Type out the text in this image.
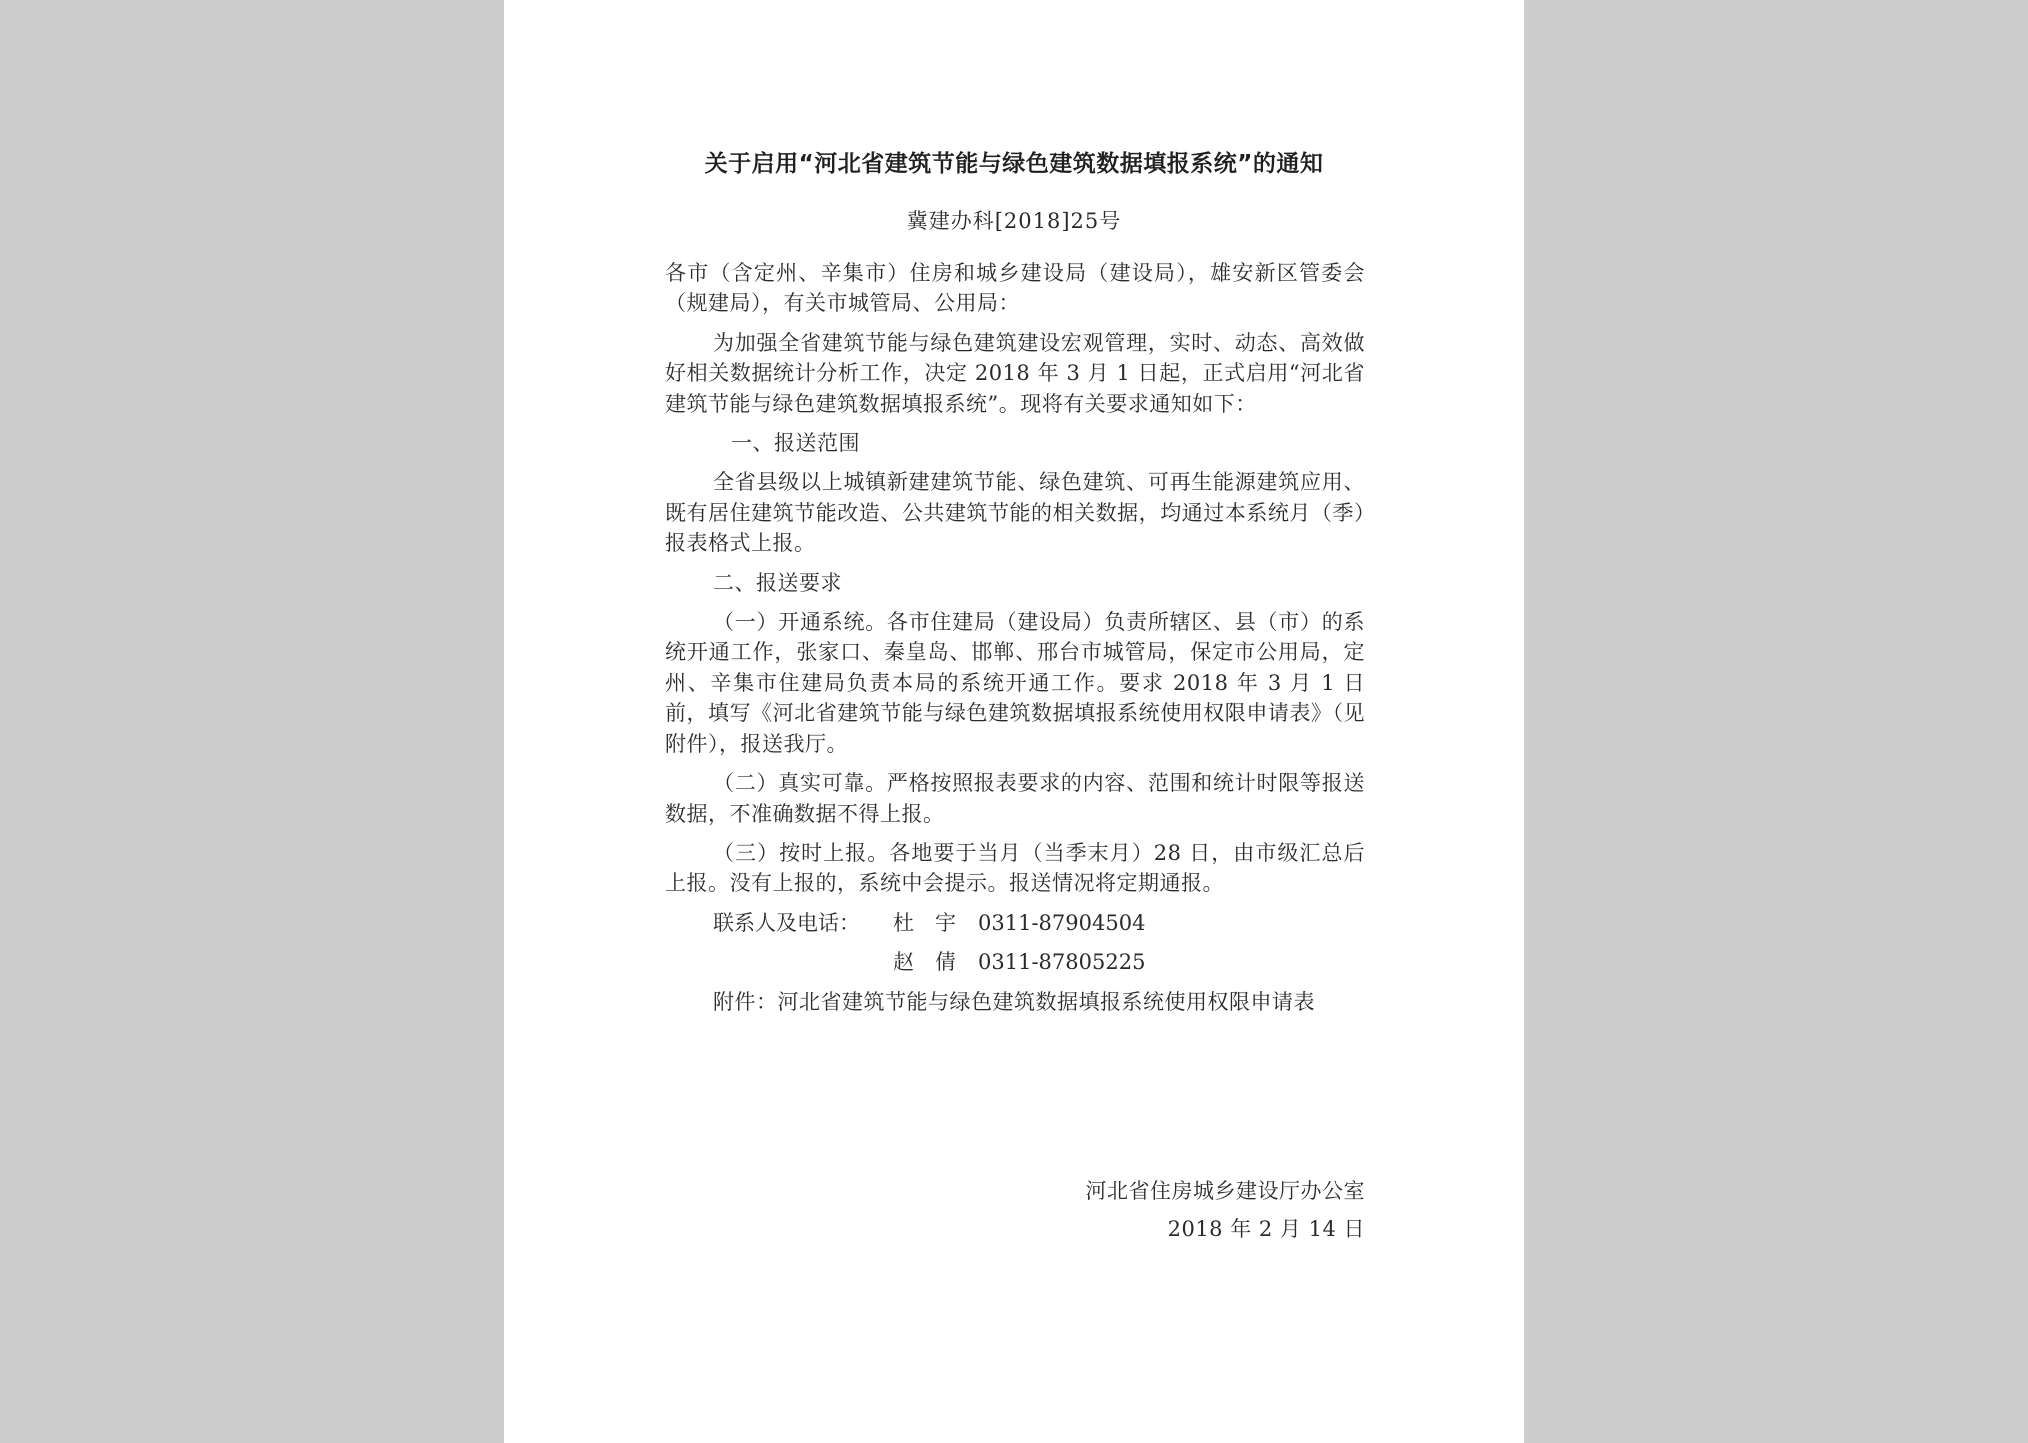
关于启用“河北省建筑节能与绿色建筑数据填报系统”的通知
冀建办科[2018]25号

各市（含定州、辛集市）住房和城乡建设局（建设局），雄安新区管委会（规建局），有关市城管局、公用局：

为加强全省建筑节能与绿色建筑建设宏观管理，实时、动态、高效做好相关数据统计分析工作，决定 2018 年 3 月 1 日起，正式启用“河北省建筑节能与绿色建筑数据填报系统”。现将有关要求通知如下：

一、报送范围

全省县级以上城镇新建建筑节能、绿色建筑、可再生能源建筑应用、既有居住建筑节能改造、公共建筑节能的相关数据，均通过本系统月（季）报表格式上报。

二、报送要求

（一）开通系统。各市住建局（建设局）负责所辖区、县（市）的系统开通工作，张家口、秦皇岛、邯郸、邢台市城管局，保定市公用局，定州、辛集市住建局负责本局的系统开通工作。要求 2018 年 3 月 1 日前，填写《河北省建筑节能与绿色建筑数据填报系统使用权限申请表》（见附件），报送我厅。

（二）真实可靠。严格按照报表要求的内容、范围和统计时限等报送数据，不准确数据不得上报。

（三）按时上报。各地要于当月（当季末月）28 日，由市级汇总后上报。没有上报的，系统中会提示。报送情况将定期通报。

联系人及电话： 杜　宇 0311-87904504
赵　倩 0311-87805225

附件：河北省建筑节能与绿色建筑数据填报系统使用权限申请表

河北省住房城乡建设厅办公室
2018 年 2 月 14 日
